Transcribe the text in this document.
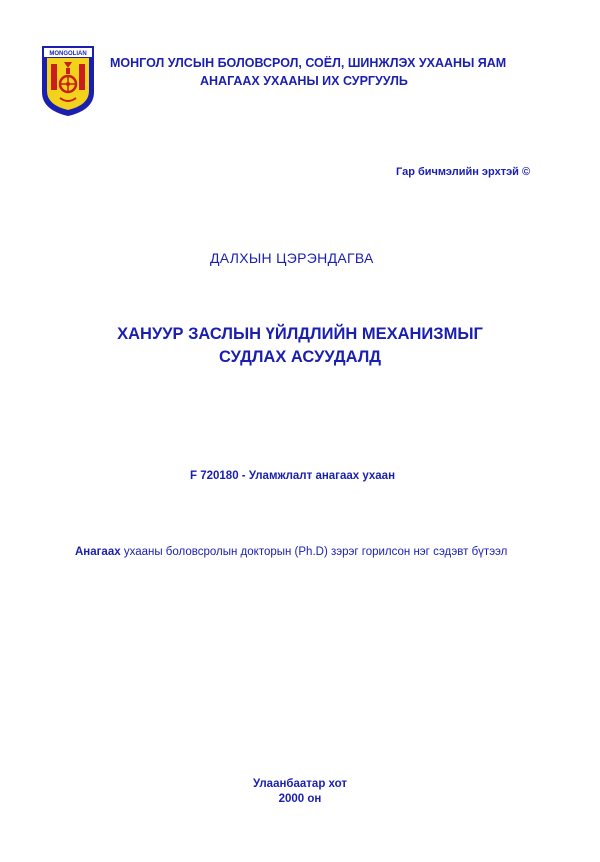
MONGOLIAN
МОНГОЛ УЛСЫН БОЛОВСРОЛ, СОЁЛ, ШИНЖЛЭХ УХААНЫ ЯАМ
АНАГААХ УХААНЫ ИХ СУРГУУЛЬ
Гар бичмэлийн эрхтэй ©
ДАЛХЫН ЦЭРЭНДАГВА
ХАНУУР ЗАСЛЫН ҮЙЛДЛИЙН МЕХАНИЗМЫГ
СУДЛАХ АСУУДАЛД
F 720180 - Уламжлалт анагаах ухаан
Анагаах ухааны боловсролын докторын (Ph.D) зэрэг горилсон нэг сэдэвт бүтээл
Улаанбаатар хот
2000 он
